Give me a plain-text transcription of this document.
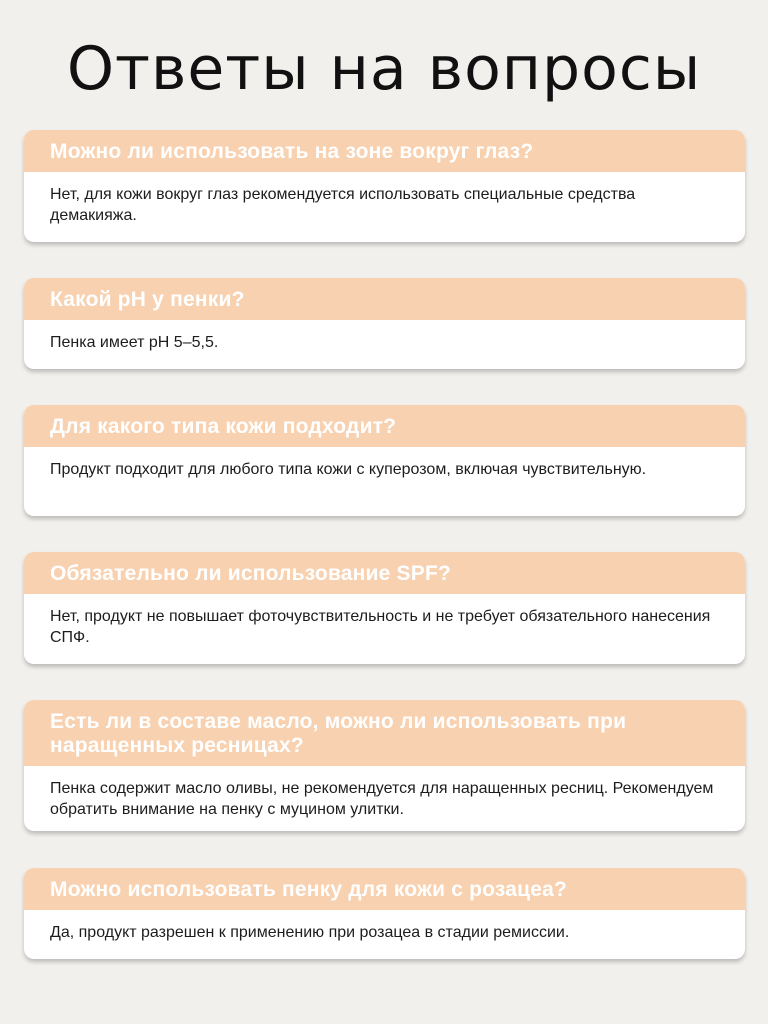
Ответы на вопросы
Можно ли использовать на зоне вокруг глаз?
Нет, для кожи вокруг глаз рекомендуется использовать специальные средства демакияжа.
Какой pH у пенки?
Пенка имеет pH 5–5,5.
Для какого типа кожи подходит?
Продукт подходит для любого типа кожи с куперозом, включая чувствительную.
Обязательно ли использование SPF?
Нет, продукт не повышает фоточувствительность и не требует обязательного нанесения СПФ.
Есть ли в составе масло, можно ли использовать при наращенных ресницах?
Пенка содержит масло оливы, не рекомендуется для наращенных ресниц. Рекомендуем обратить внимание на пенку с муцином улитки.
Можно использовать пенку для кожи с розацеа?
Да, продукт разрешен к применению при розацеа в стадии ремиссии.
